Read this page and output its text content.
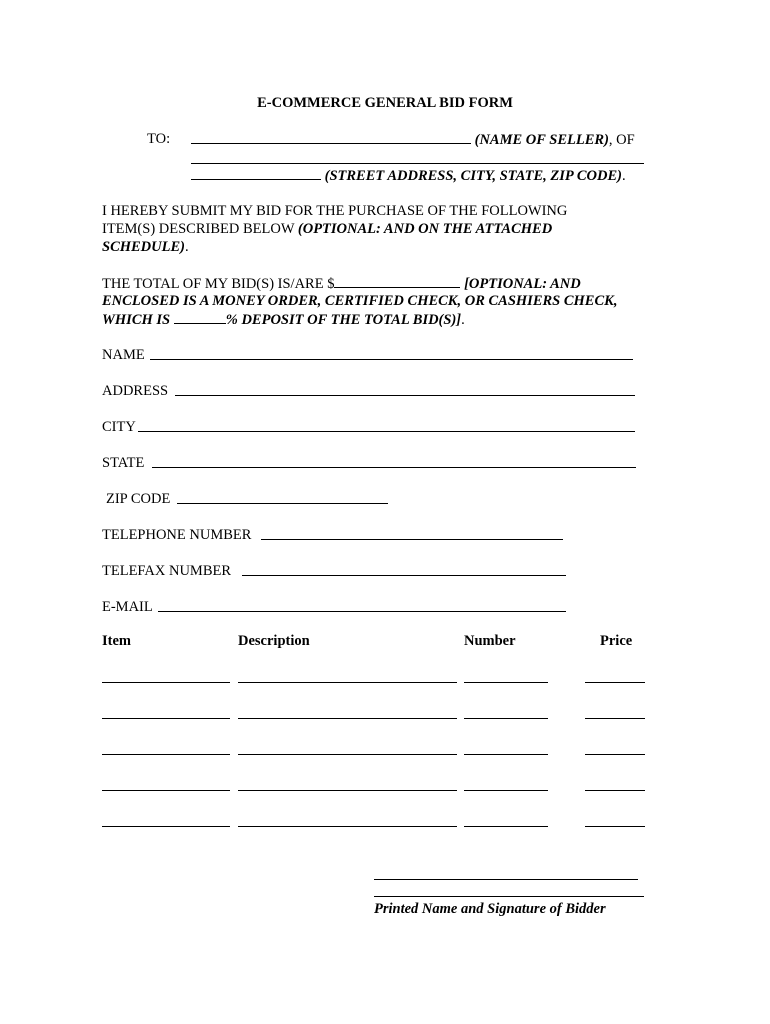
E-COMMERCE GENERAL BID FORM
TO:	(NAME OF SELLER), OF
(STREET ADDRESS, CITY, STATE, ZIP CODE).
I HEREBY SUBMIT MY BID FOR THE PURCHASE OF THE FOLLOWING
ITEM(S) DESCRIBED BELOW (OPTIONAL: AND ON THE ATTACHED
SCHEDULE).
THE TOTAL OF MY BID(S) IS/ARE $	[OPTIONAL: AND
ENCLOSED IS A MONEY ORDER, CERTIFIED CHECK, OR CASHIERS CHECK,
WHICH IS	% DEPOSIT OF THE TOTAL BID(S)].
NAME
ADDRESS
CITY
STATE
ZIP CODE
TELEPHONE NUMBER
TELEFAX NUMBER
E-MAIL
Item	Description	Number	Price
Printed Name and Signature of Bidder
